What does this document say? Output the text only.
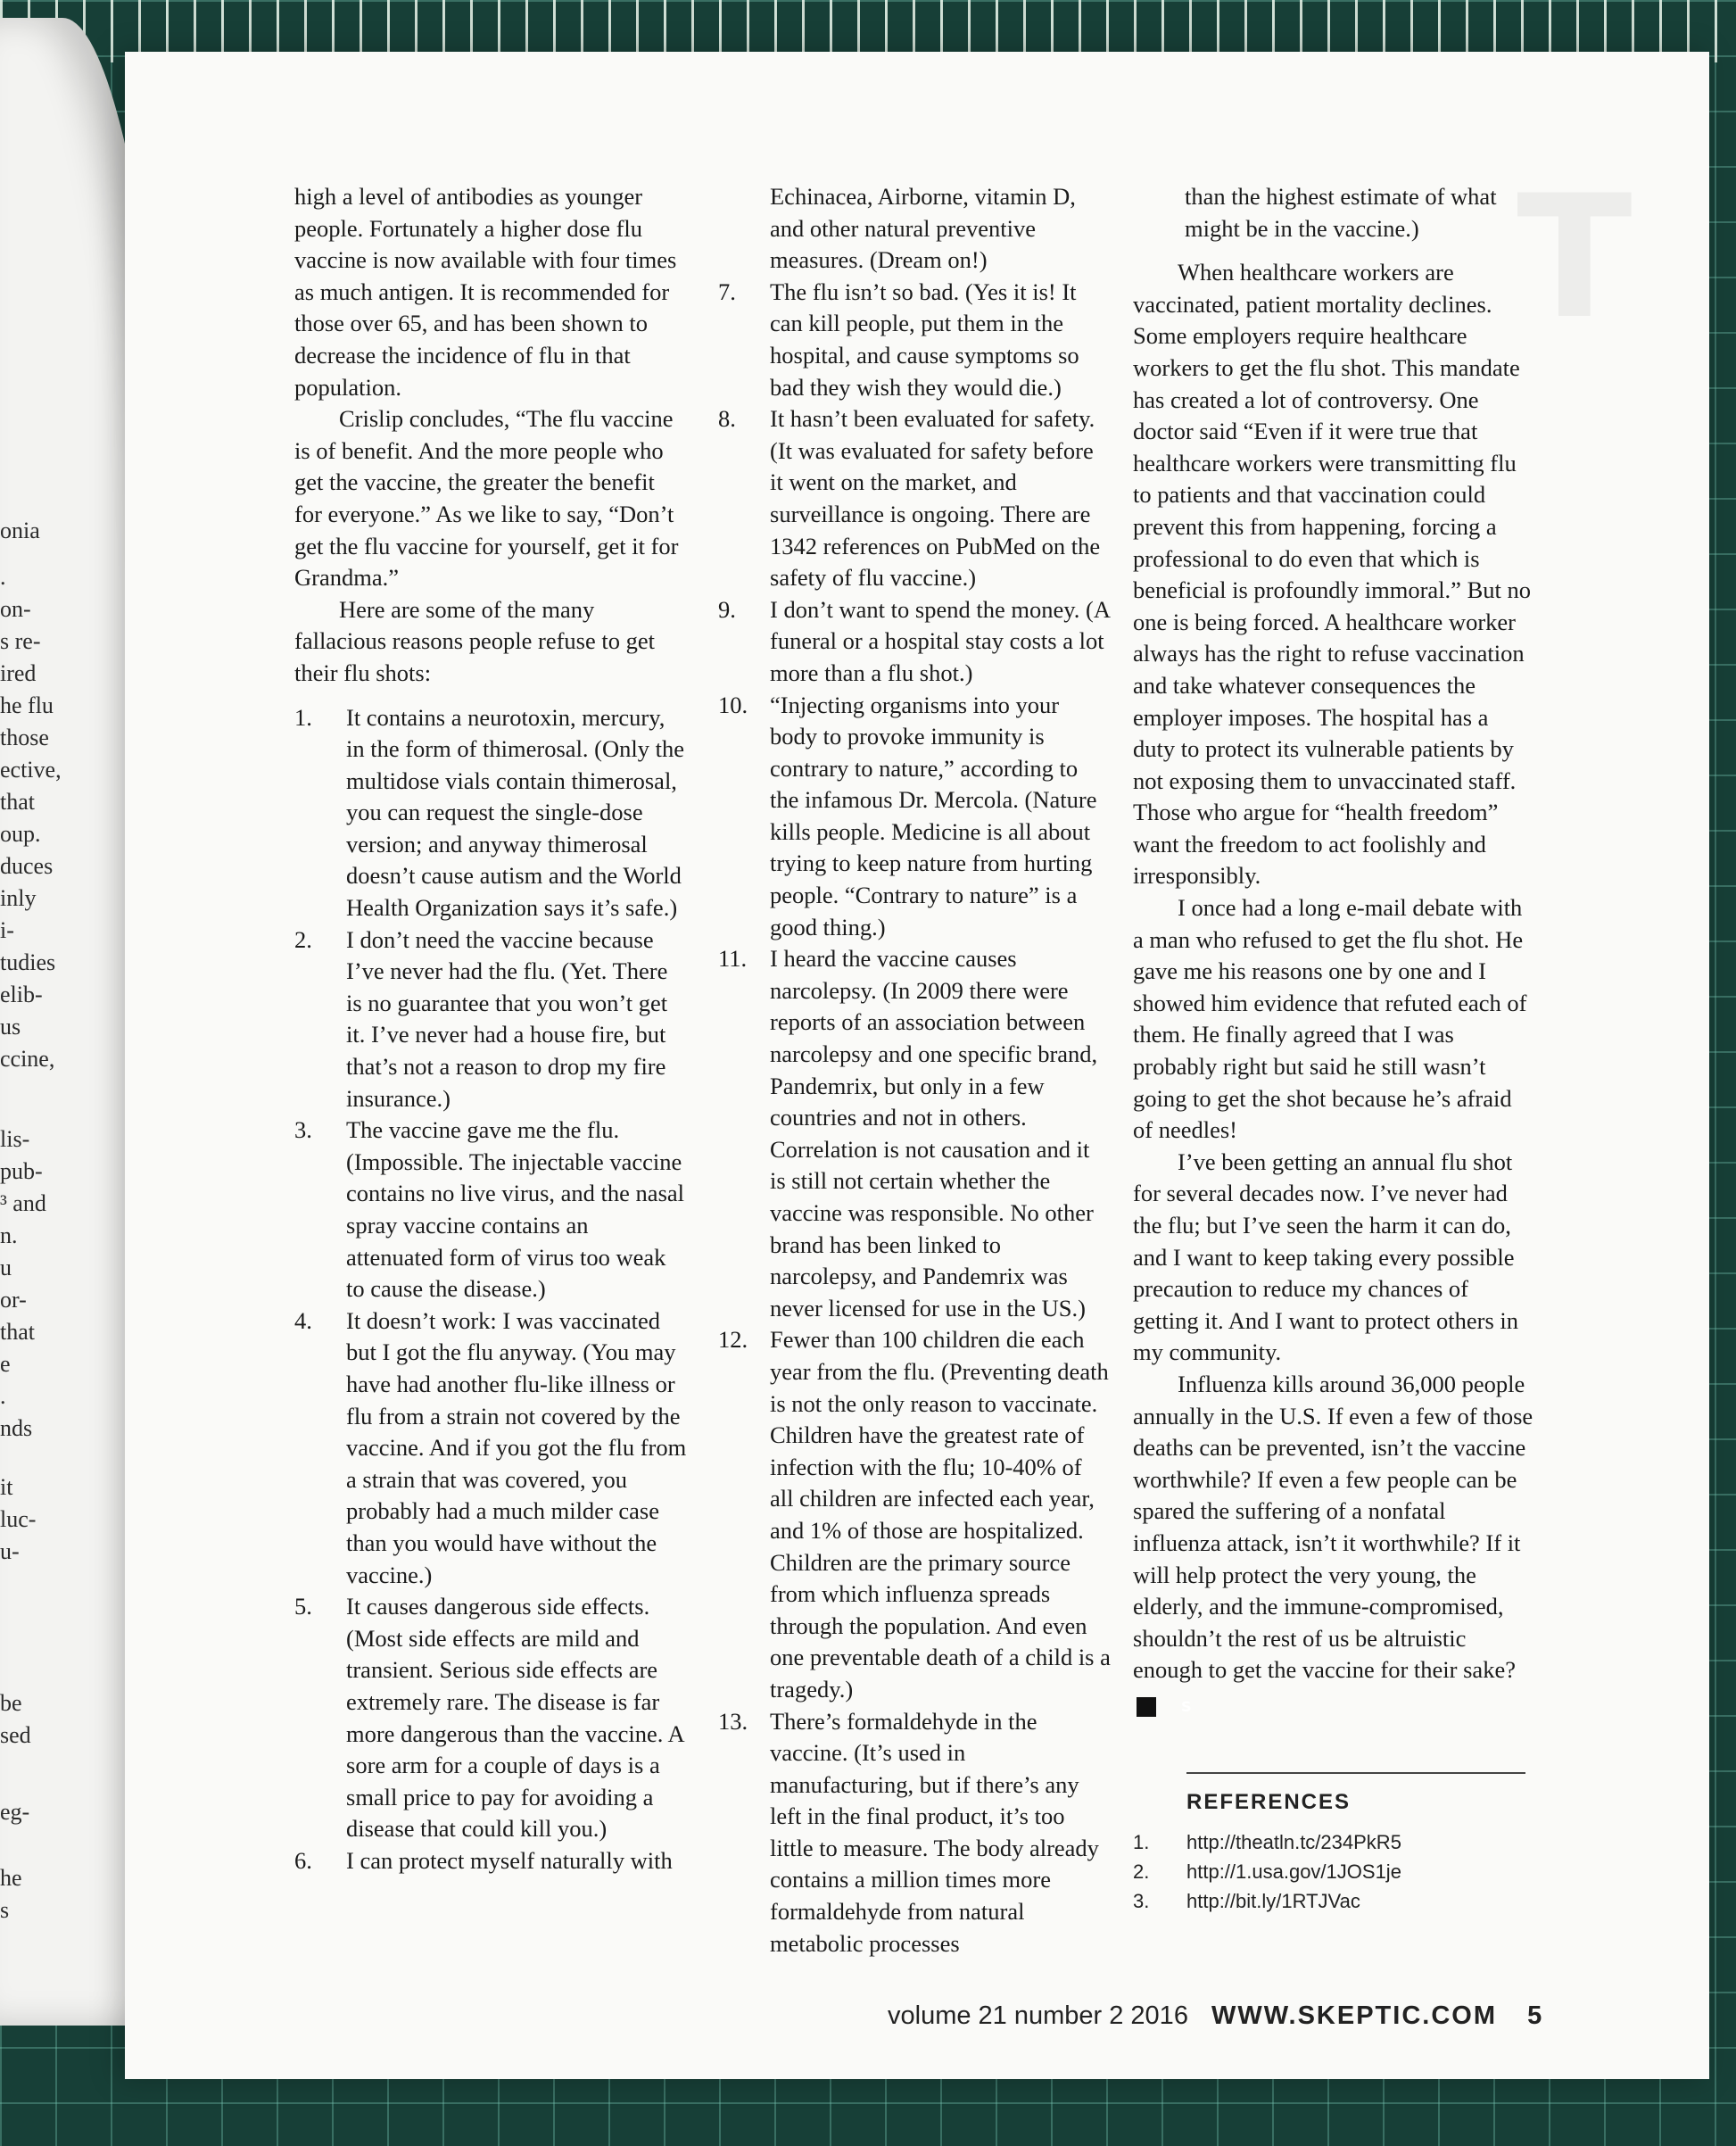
onia
.
on-
s re-
ired
he flu
those
ective,
that
oup.
duces
inly
i-
tudies
elib-
us
ccine,
lis-
pub-
³ and
n.
u
or-
that
e
.
nds
it
luc-
u-
be
sed
eg-
he
s
T

high a level of antibodies as younger people. Fortunately a higher dose flu vaccine is now available with four times as much antigen. It is recommended for those over 65, and has been shown to decrease the incidence of flu in that population.

Crislip concludes, “The flu vaccine is of benefit. And the more people who get the vaccine, the greater the benefit for everyone.” As we like to say, “Don’t get the flu vaccine for yourself, get it for Grandma.”

Here are some of the many fallacious reasons people refuse to get their flu shots:

1. It contains a neurotoxin, mercury, in the form of thimerosal. (Only the multidose vials contain thimerosal, you can request the single-dose version; and anyway thimerosal doesn’t cause autism and the World Health Organization says it’s safe.)
2. I don’t need the vaccine because I’ve never had the flu. (Yet. There is no guarantee that you won’t get it. I’ve never had a house fire, but that’s not a reason to drop my fire insurance.)
3. The vaccine gave me the flu. (Impossible. The injectable vaccine contains no live virus, and the nasal spray vaccine contains an attenuated form of virus too weak to cause the disease.)
4. It doesn’t work: I was vaccinated but I got the flu anyway. (You may have had another flu-like illness or flu from a strain not covered by the vaccine. And if you got the flu from a strain that was covered, you probably had a much milder case than you would have without the vaccine.)
5. It causes dangerous side effects. (Most side effects are mild and transient. Serious side effects are extremely rare. The disease is far more dangerous than the vaccine. A sore arm for a couple of days is a small price to pay for avoiding a disease that could kill you.)
6. I can protect myself naturally with
Echinacea, Airborne, vitamin D, and other natural preventive measures. (Dream on!)
7. The flu isn’t so bad. (Yes it is! It can kill people, put them in the hospital, and cause symptoms so bad they wish they would die.)
8. It hasn’t been evaluated for safety. (It was evaluated for safety before it went on the market, and surveillance is ongoing. There are 1342 references on PubMed on the safety of flu vaccine.)
9. I don’t want to spend the money. (A funeral or a hospital stay costs a lot more than a flu shot.)
10. “Injecting organisms into your body to provoke immunity is contrary to nature,” according to the infamous Dr. Mercola. (Nature kills people. Medicine is all about trying to keep nature from hurting people. “Contrary to nature” is a good thing.)
11. I heard the vaccine causes narcolepsy. (In 2009 there were reports of an association between narcolepsy and one specific brand, Pandemrix, but only in a few countries and not in others. Correlation is not causation and it is still not certain whether the vaccine was responsible. No other brand has been linked to narcolepsy, and Pandemrix was never licensed for use in the US.)
12. Fewer than 100 children die each year from the flu. (Preventing death is not the only reason to vaccinate. Children have the greatest rate of infection with the flu; 10-40% of all children are infected each year, and 1% of those are hospitalized. Children are the primary source from which influenza spreads through the population. And even one preventable death of a child is a tragedy.)
13. There’s formaldehyde in the vaccine. (It’s used in manufacturing, but if there’s any left in the final product, it’s too little to measure. The body already contains a million times more formaldehyde from natural metabolic processes

than the highest estimate of what might be in the vaccine.)

When healthcare workers are vaccinated, patient mortality declines. Some employers require healthcare workers to get the flu shot. This mandate has created a lot of controversy. One doctor said “Even if it were true that healthcare workers were transmitting flu to patients and that vaccination could prevent this from happening, forcing a professional to do even that which is beneficial is profoundly immoral.” But no one is being forced. A healthcare worker always has the right to refuse vaccination and take whatever consequences the employer imposes. The hospital has a duty to protect its vulnerable patients by not exposing them to unvaccinated staff. Those who argue for “health freedom” want the freedom to act foolishly and irresponsibly.

I once had a long e-mail debate with a man who refused to get the flu shot. He gave me his reasons one by one and I showed him evidence that refuted each of them. He finally agreed that I was probably right but said he still wasn’t going to get the shot because he’s afraid of needles!

I’ve been getting an annual flu shot for several decades now. I’ve never had the flu; but I’ve seen the harm it can do, and I want to keep taking every possible precaution to reduce my chances of getting it. And I want to protect others in my community.

Influenza kills around 36,000 people annually in the U.S. If even a few of those deaths can be prevented, isn’t the vaccine worthwhile? If even a few people can be spared the suffering of a nonfatal influenza attack, isn’t it worthwhile? If it will help protect the very young, the elderly, and the immune-compromised, shouldn’t the rest of us be altruistic enough to get the vaccine for their sake?S

REFERENCES
1. http://theatln.tc/234PkR5
2. http://1.usa.gov/1JOS1je
3. http://bit.ly/1RTJVac
volume 21 number 2 2016 WWW.SKEPTIC.COM 5
